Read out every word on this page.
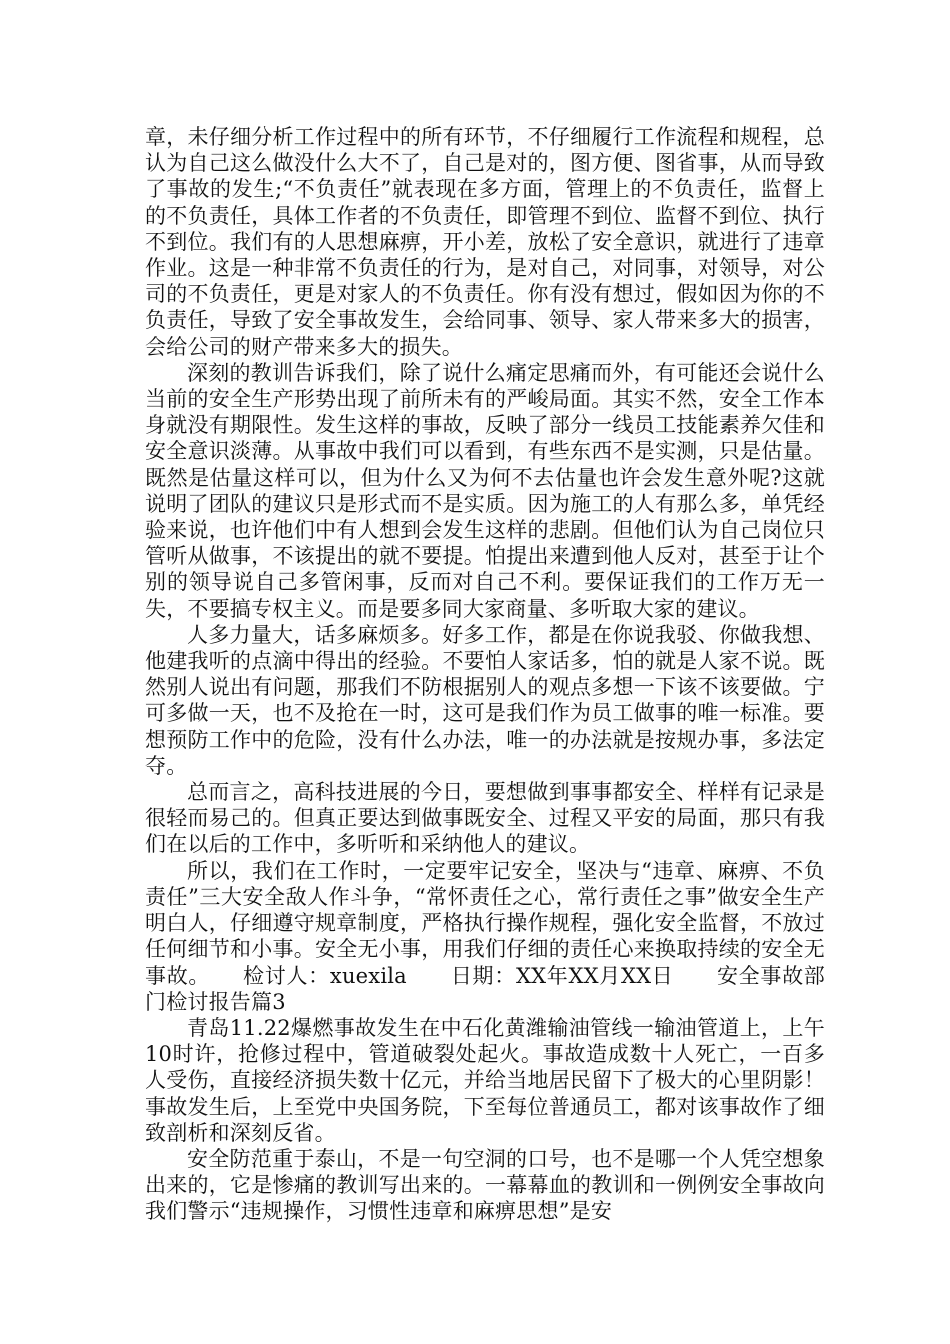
章，未仔细分析工作过程中的所有环节，不仔细履行工作流程和规程，总认为自己这么做没什么大不了，自己是对的，图方便、图省事，从而导致了事故的发生;“不负责任”就表现在多方面，管理上的不负责任，监督上的不负责任，具体工作者的不负责任，即管理不到位、监督不到位、执行不到位。我们有的人思想麻痹，开小差，放松了安全意识，就进行了违章作业。这是一种非常不负责任的行为，是对自己，对同事，对领导，对公司的不负责任，更是对家人的不负责任。你有没有想过，假如因为你的不负责任，导致了安全事故发生，会给同事、领导、家人带来多大的损害，会给公司的财产带来多大的损失。

深刻的教训告诉我们，除了说什么痛定思痛而外，有可能还会说什么当前的安全生产形势出现了前所未有的严峻局面。其实不然，安全工作本身就没有期限性。发生这样的事故，反映了部分一线员工技能素养欠佳和安全意识淡薄。从事故中我们可以看到，有些东西不是实测，只是估量。既然是估量这样可以，但为什么又为何不去估量也许会发生意外呢?这就说明了团队的建议只是形式而不是实质。因为施工的人有那么多，单凭经验来说，也许他们中有人想到会发生这样的悲剧。但他们认为自己岗位只管听从做事，不该提出的就不要提。怕提出来遭到他人反对，甚至于让个别的领导说自己多管闲事，反而对自己不利。要保证我们的工作万无一失，不要搞专权主义。而是要多同大家商量、多听取大家的建议。

人多力量大，话多麻烦多。好多工作，都是在你说我驳、你做我想、他建我听的点滴中得出的经验。不要怕人家话多，怕的就是人家不说。既然别人说出有问题，那我们不防根据别人的观点多想一下该不该要做。宁可多做一天，也不及抢在一时，这可是我们作为员工做事的唯一标准。要想预防工作中的危险，没有什么办法，唯一的办法就是按规办事，多法定夺。

总而言之，高科技进展的今日，要想做到事事都安全、样样有记录是很轻而易己的。但真正要达到做事既安全、过程又平安的局面，那只有我们在以后的工作中，多听听和采纳他人的建议。

所以，我们在工作时，一定要牢记安全，坚决与“违章、麻痹、不负责任”三大安全敌人作斗争，“常怀责任之心，常行责任之事”做安全生产明白人，仔细遵守规章制度，严格执行操作规程，强化安全监督，不放过任何细节和小事。安全无小事，用我们仔细的责任心来换取持续的安全无事故。　　检讨人：xuexila　　日期：XX年XX月XX日　　安全事故部门检讨报告篇3

青岛11.22爆燃事故发生在中石化黄潍输油管线一输油管道上，上午10时许，抢修过程中，管道破裂处起火。事故造成数十人死亡，一百多人受伤，直接经济损失数十亿元，并给当地居民留下了极大的心里阴影！事故发生后，上至党中央国务院，下至每位普通员工，都对该事故作了细致剖析和深刻反省。

安全防范重于泰山，不是一句空洞的口号，也不是哪一个人凭空想象出来的，它是惨痛的教训写出来的。一幕幕血的教训和一例例安全事故向我们警示“违规操作，习惯性违章和麻痹思想”是安
